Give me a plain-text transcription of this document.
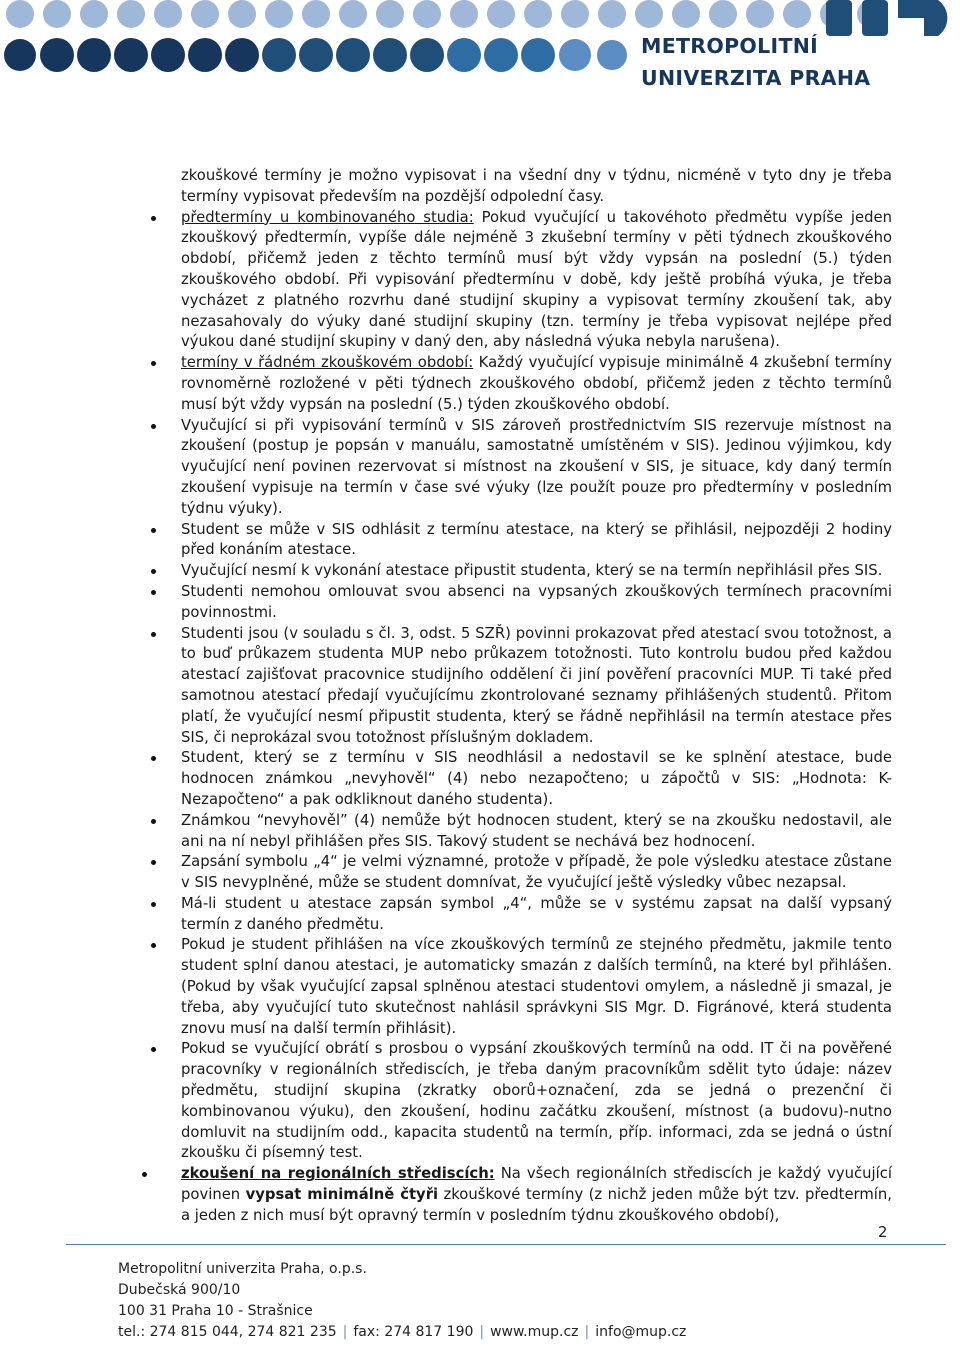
METROPOLITNÍ
UNIVERZITA PRAHA

zkouškové termíny je možno vypisovat i na všední dny v týdnu, nicméně v tyto dny je třeba termíny vypisovat především na pozdější odpolední časy.

předtermíny u kombinovaného studia: Pokud vyučující u takovéhoto předmětu vypíše jeden zkouškový předtermín, vypíše dále nejméně 3 zkušební termíny v pěti týdnech zkouškového období, přičemž jeden z těchto termínů musí být vždy vypsán na poslední (5.) týden zkouškového období. Při vypisování předtermínu v době, kdy ještě probíhá výuka, je třeba vycházet z platného rozvrhu dané studijní skupiny a vypisovat termíny zkoušení tak, aby nezasahovaly do výuky dané studijní skupiny (tzn. termíny je třeba vypisovat nejlépe před výukou dané studijní skupiny v daný den, aby následná výuka nebyla narušena).
termíny v řádném zkouškovém období: Každý vyučující vypisuje minimálně 4 zkušební termíny rovnoměrně rozložené v pěti týdnech zkouškového období, přičemž jeden z těchto termínů musí být vždy vypsán na poslední (5.) týden zkouškového období.
Vyučující si při vypisování termínů v SIS zároveň prostřednictvím SIS rezervuje místnost na zkoušení (postup je popsán v manuálu, samostatně umístěném v SIS). Jedinou výjimkou, kdy vyučující není povinen rezervovat si místnost na zkoušení v SIS, je situace, kdy daný termín zkoušení vypisuje na termín v čase své výuky (lze použít pouze pro předtermíny v posledním týdnu výuky).
Student se může v SIS odhlásit z termínu atestace, na který se přihlásil, nejpozději 2 hodiny před konáním atestace.
Vyučující nesmí k vykonání atestace připustit studenta, který se na termín nepřihlásil přes SIS.
Studenti nemohou omlouvat svou absenci na vypsaných zkouškových termínech pracovními povinnostmi.
Studenti jsou (v souladu s čl. 3, odst. 5 SZŘ) povinni prokazovat před atestací svou totožnost, a to buď průkazem studenta MUP nebo průkazem totožnosti. Tuto kontrolu budou před každou atestací zajišťovat pracovnice studijního oddělení či jiní pověření pracovníci MUP. Ti také před samotnou atestací předají vyučujícímu zkontrolované seznamy přihlášených studentů. Přitom platí, že vyučující nesmí připustit studenta, který se řádně nepřihlásil na termín atestace přes SIS, či neprokázal svou totožnost příslušným dokladem.
Student, který se z termínu v SIS neodhlásil a nedostavil se ke splnění atestace, bude hodnocen známkou „nevyhověl“ (4) nebo nezapočteno; u zápočtů v SIS: „Hodnota: K- Nezapočteno“ a pak odkliknout daného studenta).
Známkou “nevyhověl” (4) nemůže být hodnocen student, který se na zkoušku nedostavil, ale ani na ní nebyl přihlášen přes SIS. Takový student se nechává bez hodnocení.
Zapsání symbolu „4“ je velmi významné, protože v případě, že pole výsledku atestace zůstane v SIS nevyplněné, může se student domnívat, že vyučující ještě výsledky vůbec nezapsal.
Má-li student u atestace zapsán symbol „4“, může se v systému zapsat na další vypsaný termín z daného předmětu.
Pokud je student přihlášen na více zkouškových termínů ze stejného předmětu, jakmile tento student splní danou atestaci, je automaticky smazán z dalších termínů, na které byl přihlášen. (Pokud by však vyučující zapsal splněnou atestaci studentovi omylem, a následně ji smazal, je třeba, aby vyučující tuto skutečnost nahlásil správkyni SIS Mgr. D. Figránové, která studenta znovu musí na další termín přihlásit).
Pokud se vyučující obrátí s prosbou o vypsání zkouškových termínů na odd. IT či na pověřené pracovníky v regionálních střediscích, je třeba daným pracovníkům sdělit tyto údaje: název předmětu, studijní skupina (zkratky oborů+označení, zda se jedná o prezenční či kombinovanou výuku), den zkoušení, hodinu začátku zkoušení, místnost (a budovu)-nutno domluvit na studijním odd., kapacita studentů na termín, příp. informaci, zda se jedná o ústní zkoušku či písemný test.
zkoušení na regionálních střediscích: Na všech regionálních střediscích je každý vyučující povinen vypsat minimálně čtyři zkouškové termíny (z nichž jeden může být tzv. předtermín, a jeden z nich musí být opravný termín v posledním týdnu zkouškového období),
2
Metropolitní univerzita Praha, o.p.s.
Dubečská 900/10
100 31 Praha 10 - Strašnice
tel.: 274 815 044, 274 821 235 | fax: 274 817 190 | www.mup.cz | info@mup.cz
